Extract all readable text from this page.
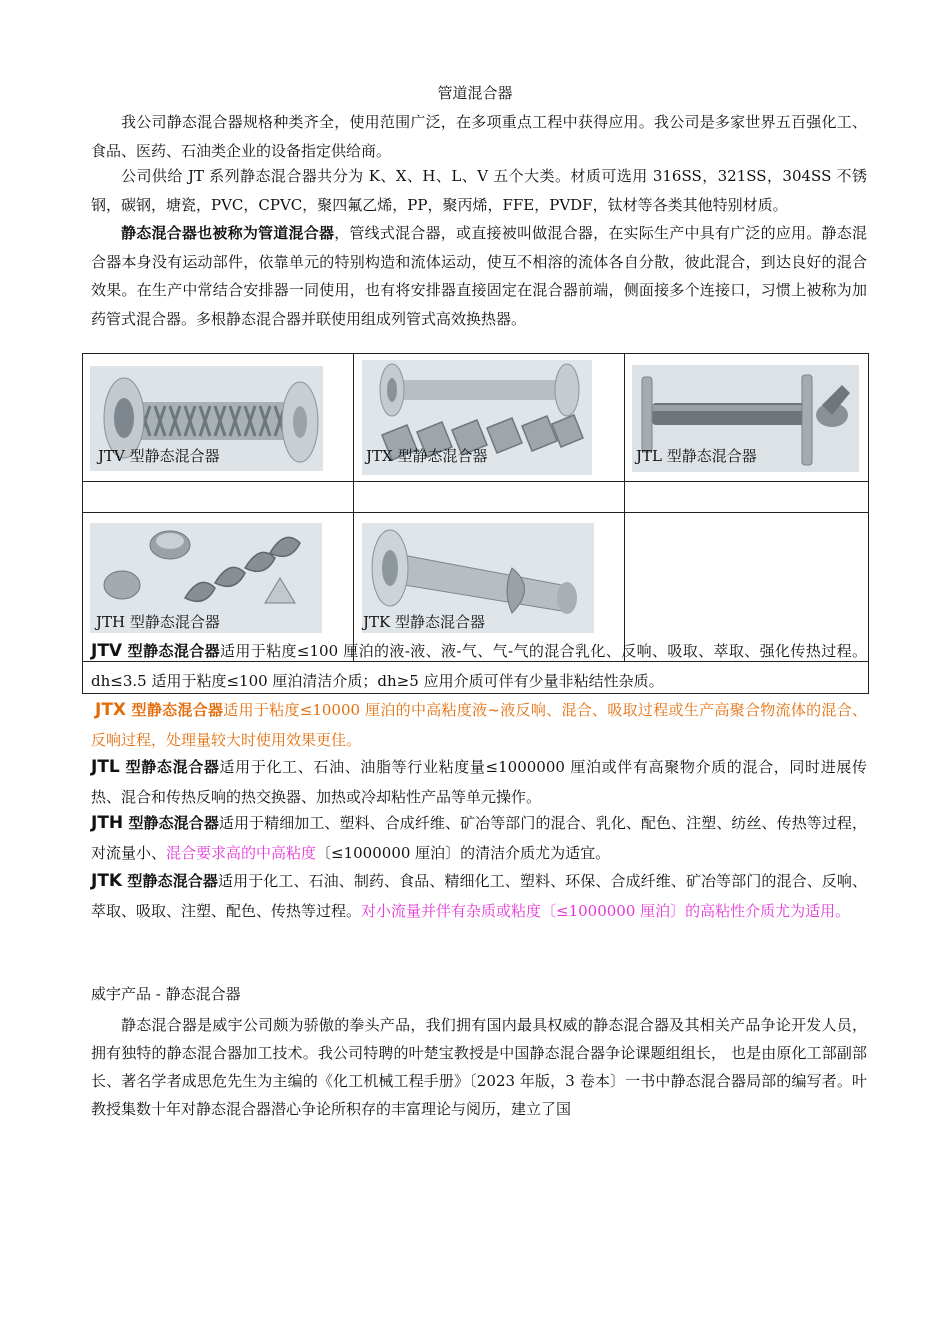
管道混合器

我公司静态混合器规格种类齐全，使用范围广泛，在多项重点工程中获得应用。我公司是多家世界五百强化工、食品、医药、石油类企业的设备指定供给商。

公司供给 JT 系列静态混合器共分为 K、X、H、L、V 五个大类。材质可选用 316SS，321SS，304SS 不锈钢，碳钢，塘瓷，PVC，CPVC，聚四氟乙烯，PP，聚丙烯，FFE，PVDF，钛材等各类其他特别材质。

静态混合器也被称为管道混合器，管线式混合器，或直接被叫做混合器，在实际生产中具有广泛的应用。静态混合器本身没有运动部件，依靠单元的特别构造和流体运动，使互不相溶的流体各自分散，彼此混合，到达良好的混合效果。在生产中常结合安排器一同使用，也有将安排器直接固定在混合器前端，侧面接多个连接口，习惯上被称为加药管式混合器。多根静态混合器并联使用组成列管式高效换热器。

JTV 型静态混合器	JTX 型静态混合器	JTL 型静态混合器
JTH 型静态混合器	JTK 型静态混合器

JTV 型静态混合器适用于粘度≤100 厘泊的液-液、液-气、气-气的混合乳化、反响、吸取、萃取、强化传热过程。 dh≤3.5 适用于粘度≤100 厘泊清洁介质；dh≥5 应用介质可伴有少量非粘结性杂质。

JTX 型静态混合器适用于粘度≤10000 厘泊的中高粘度液~液反响、混合、吸取过程或生产高聚合物流体的混合、反响过程，处理量较大时使用效果更佳。

JTL 型静态混合器适用于化工、石油、油脂等行业粘度量≤1000000 厘泊或伴有高聚物介质的混合，同时进展传热、混合和传热反响的热交换器、加热或冷却粘性产品等单元操作。

JTH 型静态混合器适用于精细加工、塑料、合成纤维、矿冶等部门的混合、乳化、配色、注塑、纺丝、传热等过程，对流量小、混合要求高的中高粘度〔≤1000000 厘泊〕的清洁介质尤为适宜。

JTK 型静态混合器适用于化工、石油、制药、食品、精细化工、塑料、环保、合成纤维、矿冶等部门的混合、反响、萃取、吸取、注塑、配色、传热等过程。对小流量并伴有杂质或粘度〔≤1000000 厘泊〕的高粘性介质尤为适用。

威宇产品 - 静态混合器

静态混合器是威宇公司颇为骄傲的拳头产品，我们拥有国内最具权威的静态混合器及其相关产品争论开发人员，拥有独特的静态混合器加工技术。我公司特聘的叶楚宝教授是中国静态混合器争论课题组组长， 也是由原化工部副部长、著名学者成思危先生为主编的《化工机械工程手册》〔2023 年版，3 卷本〕一书中静态混合器局部的编写者。叶教授集数十年对静态混合器潜心争论所积存的丰富理论与阅历，建立了国
